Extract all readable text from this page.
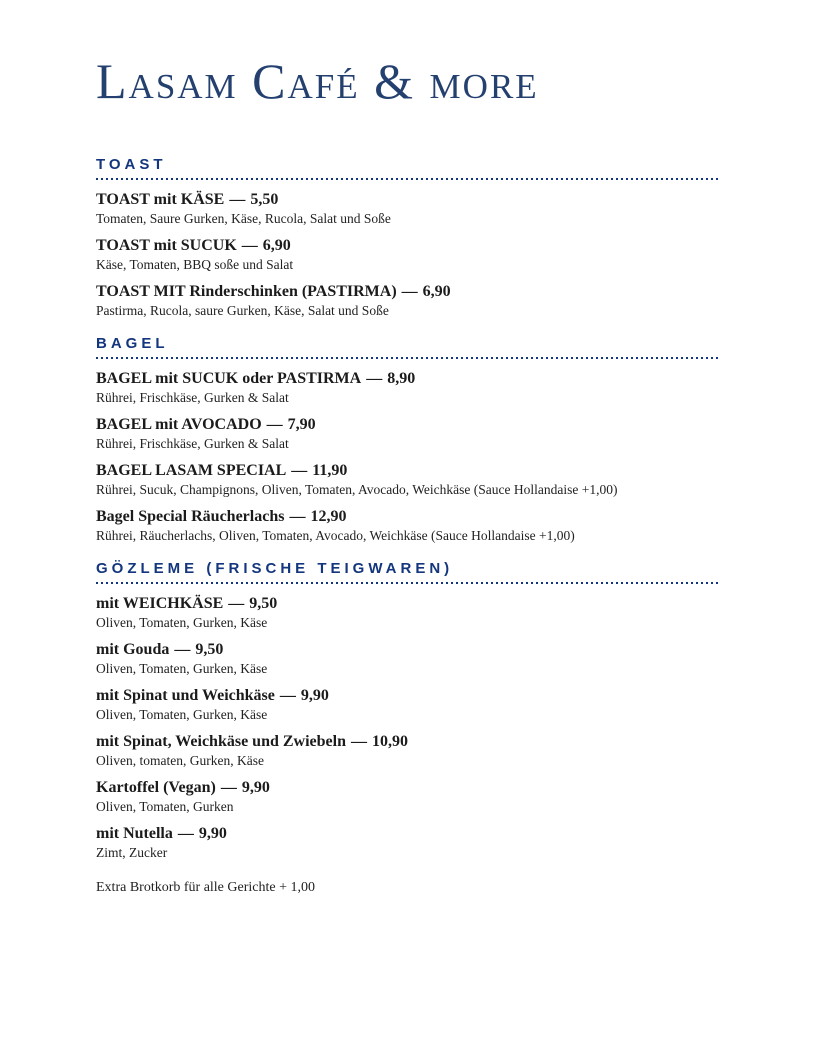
Lasam Café & more
TOAST
TOAST mit KÄSE — 5,50
Tomaten, Saure Gurken, Käse, Rucola, Salat und Soße
TOAST mit SUCUK — 6,90
Käse, Tomaten, BBQ soße und Salat
TOAST MIT Rinderschinken (PASTIRMA) — 6,90
Pastirma, Rucola, saure Gurken, Käse, Salat und Soße
BAGEL
BAGEL mit SUCUK oder PASTIRMA — 8,90
Rührei, Frischkäse, Gurken & Salat
BAGEL mit AVOCADO — 7,90
Rührei, Frischkäse, Gurken & Salat
BAGEL LASAM SPECIAL — 11,90
Rührei, Sucuk, Champignons, Oliven, Tomaten, Avocado, Weichkäse (Sauce Hollandaise +1,00)
Bagel Special Räucherlachs — 12,90
Rührei, Räucherlachs, Oliven, Tomaten, Avocado, Weichkäse (Sauce Hollandaise +1,00)
GÖZLEME (FRISCHE TEIGWAREN)
mit WEICHKÄSE — 9,50
Oliven, Tomaten, Gurken, Käse
mit Gouda — 9,50
Oliven, Tomaten, Gurken, Käse
mit Spinat und Weichkäse — 9,90
Oliven, Tomaten, Gurken, Käse
mit Spinat, Weichkäse und Zwiebeln — 10,90
Oliven, tomaten, Gurken, Käse
Kartoffel (Vegan) — 9,90
Oliven, Tomaten, Gurken
mit Nutella — 9,90
Zimt, Zucker

Extra Brotkorb für alle Gerichte + 1,00
